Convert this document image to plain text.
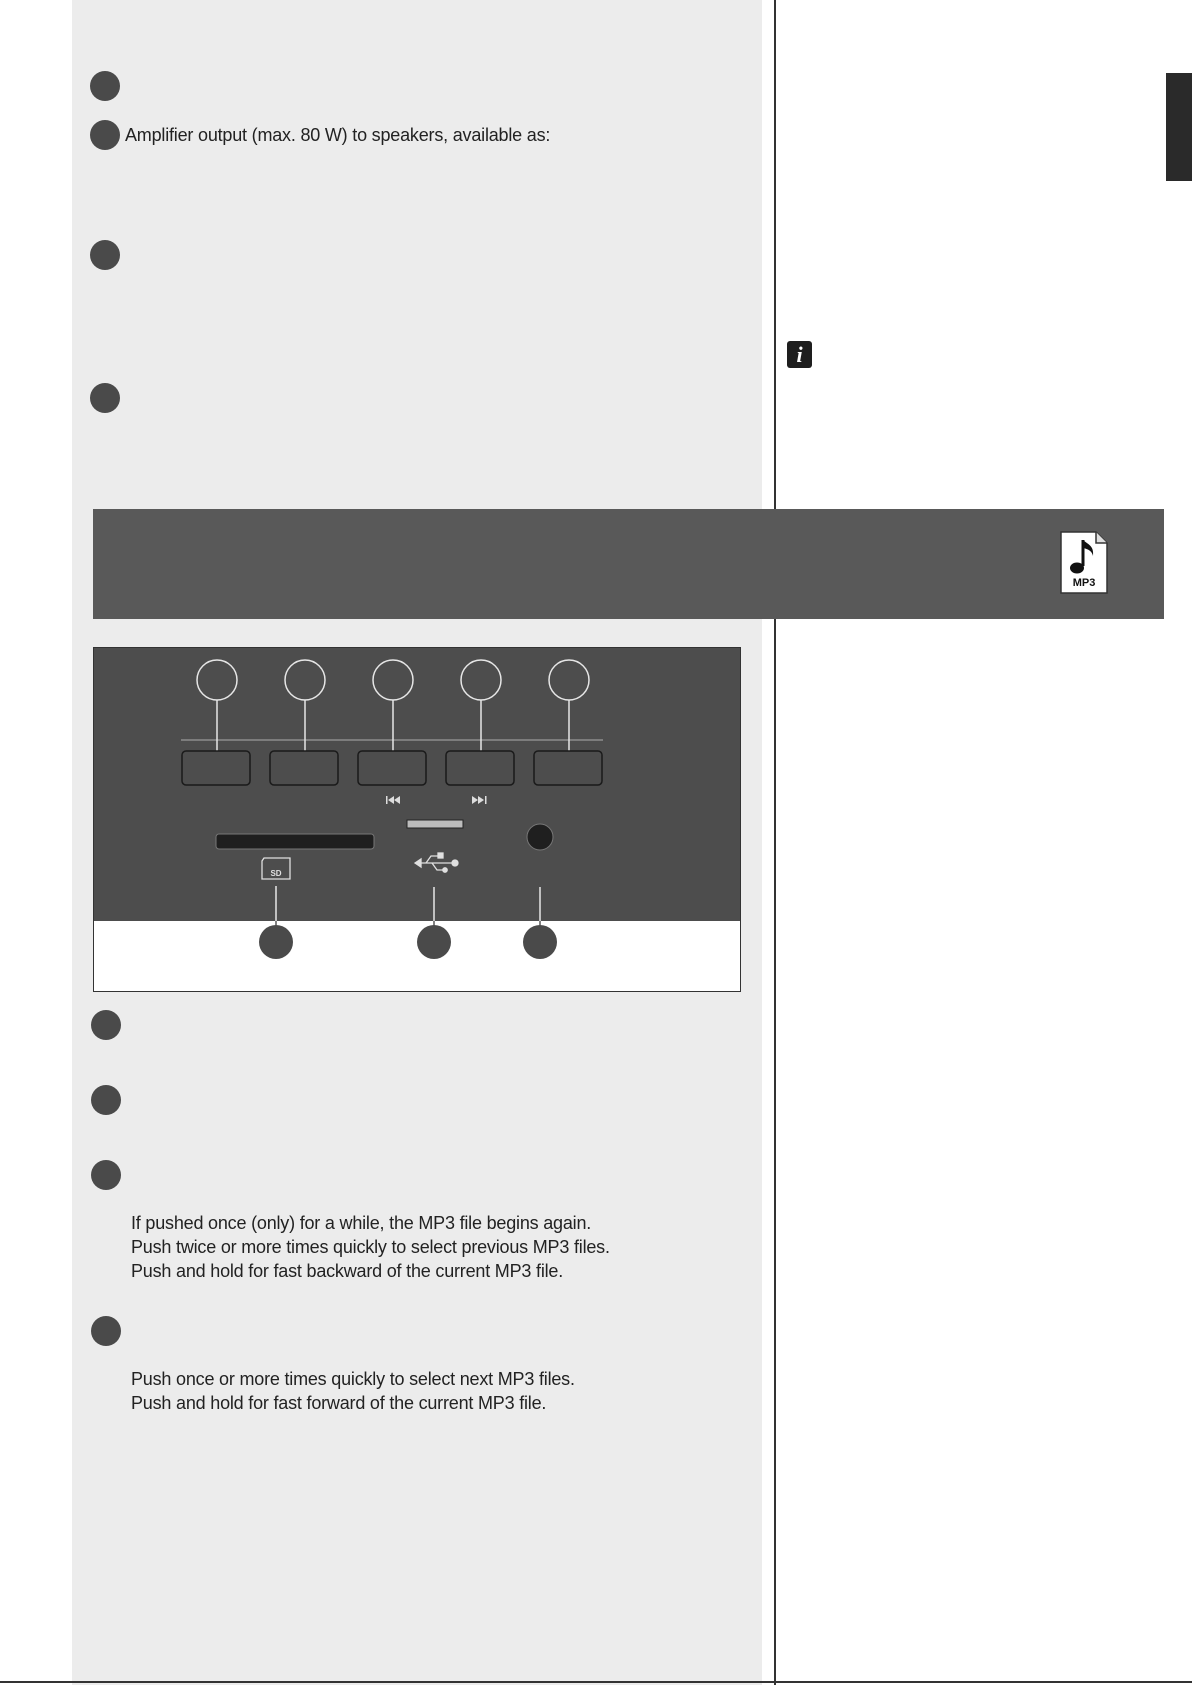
Amplifier output (max. 80 W) to speakers, available as:
i
MP3
SD
If pushed once (only) for a while, the MP3 file begins again.
Push twice or more times quickly to select previous MP3 files.
Push and hold for fast backward of the current MP3 file.
Push once or more times quickly to select next MP3 files.
Push and hold for fast forward of the current MP3 file.
